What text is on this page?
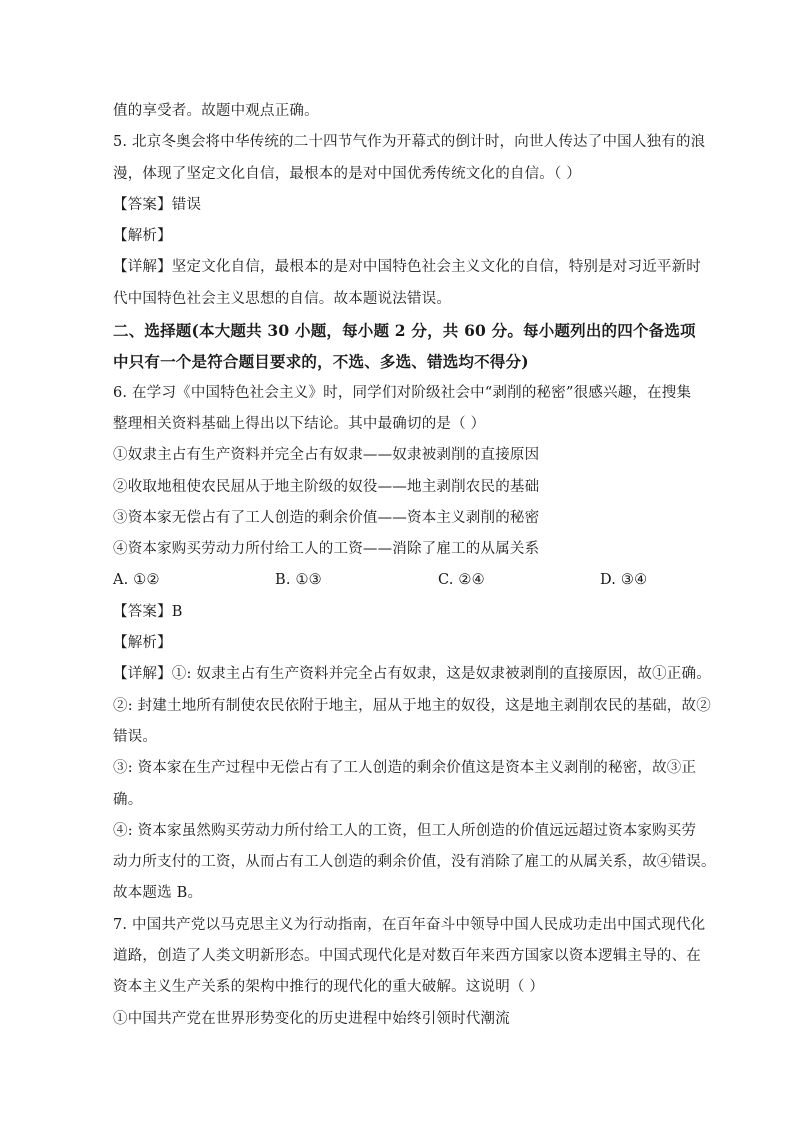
值的享受者。故题中观点正确。
5. 北京冬奥会将中华传统的二十四节气作为开幕式的倒计时，向世人传达了中国人独有的浪
漫，体现了坚定文化自信，最根本的是对中国优秀传统文化的自信。（ ）
【答案】错误
【解析】
【详解】坚定文化自信，最根本的是对中国特色社会主义文化的自信，特别是对习近平新时
代中国特色社会主义思想的自信。故本题说法错误。
二、选择题(本大题共 30 小题，每小题 2 分，共 60 分。每小题列出的四个备选项
中只有一个是符合题目要求的，不选、多选、错选均不得分)
6. 在学习《中国特色社会主义》时，同学们对阶级社会中“剥削的秘密”很感兴趣，在搜集
整理相关资料基础上得出以下结论。其中最确切的是（ ）
①奴隶主占有生产资料并完全占有奴隶——奴隶被剥削的直接原因
②收取地租使农民屈从于地主阶级的奴役——地主剥削农民的基础
③资本家无偿占有了工人创造的剩余价值——资本主义剥削的秘密
④资本家购买劳动力所付给工人的工资——消除了雇工的从属关系
A. ①②	B. ①③	C. ②④	D. ③④
【答案】B
【解析】
【详解】①: 奴隶主占有生产资料并完全占有奴隶，这是奴隶被剥削的直接原因，故①正确。
②: 封建土地所有制使农民依附于地主，屈从于地主的奴役，这是地主剥削农民的基础，故②
错误。
③: 资本家在生产过程中无偿占有了工人创造的剩余价值这是资本主义剥削的秘密，故③正
确。
④: 资本家虽然购买劳动力所付给工人的工资，但工人所创造的价值远远超过资本家购买劳
动力所支付的工资，从而占有工人创造的剩余价值，没有消除了雇工的从属关系，故④错误。
故本题选 B。
7. 中国共产党以马克思主义为行动指南，在百年奋斗中领导中国人民成功走出中国式现代化
道路，创造了人类文明新形态。中国式现代化是对数百年来西方国家以资本逻辑主导的、在
资本主义生产关系的架构中推行的现代化的重大破解。这说明（ ）
①中国共产党在世界形势变化的历史进程中始终引领时代潮流
